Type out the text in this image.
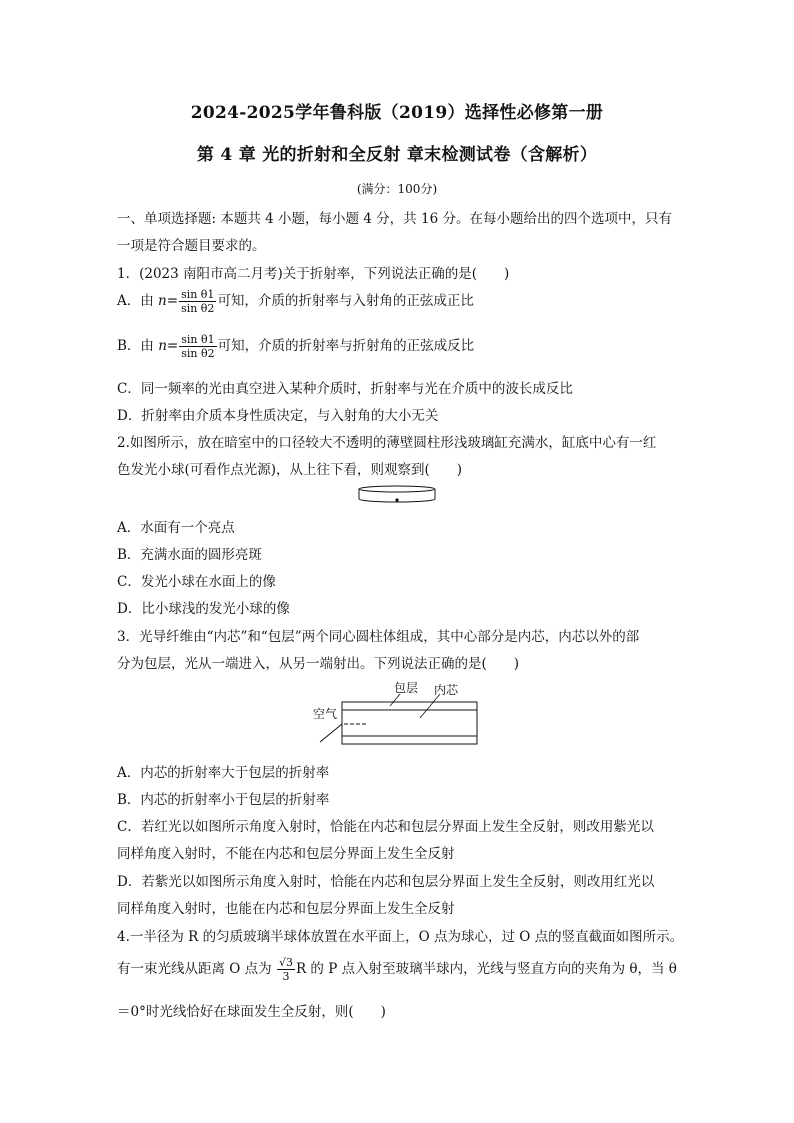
2024-2025学年鲁科版（2019）选择性必修第一册
第 4 章 光的折射和全反射 章末检测试卷（含解析）
(满分：100分)
一、单项选择题: 本题共 4 小题，每小题 4 分，共 16 分。在每小题给出的四个选项中，只有
一项是符合题目要求的。
1．(2023 南阳市高二月考)关于折射率，下列说法正确的是(　　)
A．由 $n= \frac{\text{sin θ1}}{\text{sin θ2}}$ 可知，介质的折射率与入射角的正弦成正比
B．由 $n= \frac{\text{sin θ1}}{\text{sin θ2}}$ 可知，介质的折射率与折射角的正弦成反比
C．同一频率的光由真空进入某种介质时，折射率与光在介质中的波长成反比
D．折射率由介质本身性质决定，与入射角的大小无关
2.如图所示，放在暗室中的口径较大不透明的薄壁圆柱形浅玻璃缸充满水，缸底中心有一红
色发光小球(可看作点光源)，从上往下看，则观察到(　　)
A．水面有一个亮点
B．充满水面的圆形亮斑
C．发光小球在水面上的像
D．比小球浅的发光小球的像
3．光导纤维由“内芯”和“包层”两个同心圆柱体组成，其中心部分是内芯，内芯以外的部
分为包层，光从一端进入，从另一端射出。下列说法正确的是(　　)
包层 内芯
空气
A．内芯的折射率大于包层的折射率
B．内芯的折射率小于包层的折射率
C．若红光以如图所示角度入射时，恰能在内芯和包层分界面上发生全反射，则改用紫光以
同样角度入射时，不能在内芯和包层分界面上发生全反射
D．若紫光以如图所示角度入射时，恰能在内芯和包层分界面上发生全反射，则改用红光以
同样角度入射时，也能在内芯和包层分界面上发生全反射
4.一半径为 R 的匀质玻璃半球体放置在水平面上，O 点为球心，过 O 点的竖直截面如图所示。
有一束光线从距离 O 点为 $\frac{√3}{3}$ R 的 P 点入射至玻璃半球内，光线与竖直方向的夹角为 θ，当 θ
＝0°时光线恰好在球面发生全反射，则(　　)
